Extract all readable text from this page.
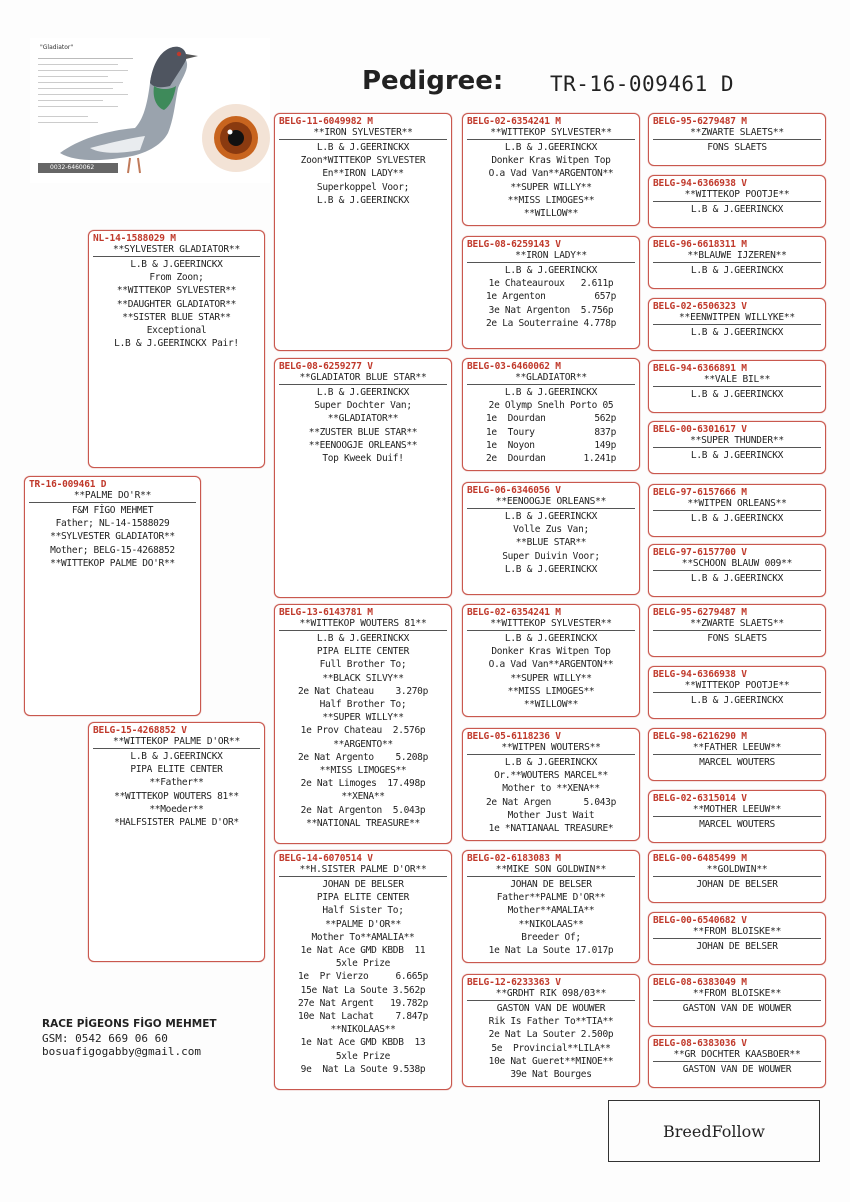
"Gladiator"
0032-6460062
Pedigree: TR-16-009461 D
TR-16-009461 D
**PALME DO'R**
F&M FİGO MEHMET
Father; NL-14-1588029
**SYLVESTER GLADIATOR**
Mother; BELG-15-4268852
**WITTEKOP PALME DO'R**
NL-14-1588029 M
**SYLVESTER GLADIATOR**
L.B & J.GEERINCKX
From Zoon;
**WITTEKOP SYLVESTER**
**DAUGHTER GLADIATOR**
**SISTER BLUE STAR**
Exceptional
L.B & J.GEERINCKX Pair!
BELG-15-4268852 V
**WITTEKOP PALME D'OR**
L.B & J.GEERINCKX
PIPA ELITE CENTER
**Father**
**WITTEKOP WOUTERS 81**
**Moeder**
*HALFSISTER PALME D'OR*
BELG-11-6049982 M
**IRON SYLVESTER**
L.B & J.GEERINCKX
Zoon*WITTEKOP SYLVESTER
En**IRON LADY**
Superkoppel Voor;
L.B & J.GEERINCKX
BELG-08-6259277 V
**GLADIATOR BLUE STAR**
L.B & J.GEERINCKX
Super Dochter Van;
**GLADIATOR**
**ZUSTER BLUE STAR**
**EENOOGJE ORLEANS**
Top Kweek Duif!
BELG-13-6143781 M
**WITTEKOP WOUTERS 81**
L.B & J.GEERINCKX
PIPA ELITE CENTER
Full Brother To;
**BLACK SILVY**
2e Nat Chateau    3.270p
Half Brother To;
**SUPER WILLY**
1e Prov Chateau  2.576p
**ARGENTO**
2e Nat Argento    5.208p
**MISS LIMOGES**
2e Nat Limoges  17.498p
**XENA**
2e Nat Argenton  5.043p
**NATIONAL TREASURE**
BELG-14-6070514 V
**H.SISTER PALME D'OR**
JOHAN DE BELSER
PIPA ELITE CENTER
Half Sister To;
**PALME D'OR**
Mother To**AMALIA**
1e Nat Ace GMD KBDB  11
5xle Prize
1e  Pr Vierzo     6.665p
15e Nat La Soute 3.562p
27e Nat Argent   19.782p
10e Nat Lachat    7.847p
**NIKOLAAS**
1e Nat Ace GMD KBDB  13
5xle Prize
9e  Nat La Soute 9.538p
BELG-02-6354241 M
**WITTEKOP SYLVESTER**
L.B & J.GEERINCKX
Donker Kras Witpen Top
O.a Vad Van**ARGENTON**
**SUPER WILLY**
**MISS LIMOGES**
**WILLOW**
BELG-08-6259143 V
**IRON LADY**
L.B & J.GEERINCKX
1e Chateauroux   2.611p
1e Argenton         657p
3e Nat Argenton  5.756p
2e La Souterraine 4.778p
BELG-03-6460062 M
**GLADIATOR**
L.B & J.GEERINCKX
2e Olymp Snelh Porto 05
1e  Dourdan         562p
1e  Toury           837p
1e  Noyon           149p
2e  Dourdan       1.241p
BELG-06-6346056 V
**EENOOGJE ORLEANS**
L.B & J.GEERINCKX
Volle Zus Van;
**BLUE STAR**
Super Duivin Voor;
L.B & J.GEERINCKX
BELG-02-6354241 M
**WITTEKOP SYLVESTER**
L.B & J.GEERINCKX
Donker Kras Witpen Top
O.a Vad Van**ARGENTON**
**SUPER WILLY**
**MISS LIMOGES**
**WILLOW**
BELG-05-6118236 V
**WITPEN WOUTERS**
L.B & J.GEERINCKX
Or.**WOUTERS MARCEL**
Mother to **XENA**
2e Nat Argen      5.043p
Mother Just Wait
1e *NATIANAAL TREASURE*
BELG-02-6183083 M
**MIKE SON GOLDWIN**
JOHAN DE BELSER
Father**PALME D'OR**
Mother**AMALIA**
**NIKOLAAS**
Breeder Of;
1e Nat La Soute 17.017p
BELG-12-6233363 V
**GRDHT RIK 098/03**
GASTON VAN DE WOUWER
Rik Is Father To**TIA**
2e Nat La Souter 2.500p
5e  Provincial**LILA**
10e Nat Gueret**MINOE**
39e Nat Bourges
BELG-95-6279487 M
**ZWARTE SLAETS**
FONS SLAETS
BELG-94-6366938 V
**WITTEKOP POOTJE**
L.B & J.GEERINCKX
BELG-96-6618311 M
**BLAUWE IJZEREN**
L.B & J.GEERINCKX
BELG-02-6506323 V
**EENWITPEN WILLYKE**
L.B & J.GEERINCKX
BELG-94-6366891 M
**VALE BIL**
L.B & J.GEERINCKX
BELG-00-6301617 V
**SUPER THUNDER**
L.B & J.GEERINCKX
BELG-97-6157666 M
**WITPEN ORLEANS**
L.B & J.GEERINCKX
BELG-97-6157700 V
**SCHOON BLAUW 009**
L.B & J.GEERINCKX
BELG-95-6279487 M
**ZWARTE SLAETS**
FONS SLAETS
BELG-94-6366938 V
**WITTEKOP POOTJE**
L.B & J.GEERINCKX
BELG-98-6216290 M
**FATHER LEEUW**
MARCEL WOUTERS
BELG-02-6315014 V
**MOTHER LEEUW**
MARCEL WOUTERS
BELG-00-6485499 M
**GOLDWIN**
JOHAN DE BELSER
BELG-00-6540682 V
**FROM BLOISKE**
JOHAN DE BELSER
BELG-08-6383049 M
**FROM BLOISKE**
GASTON VAN DE WOUWER
BELG-08-6383036 V
**GR DOCHTER KAASBOER**
GASTON VAN DE WOUWER
RACE PİGEONS FİGO MEHMET
GSM: 0542 669 06 60
bosuafigogabby@gmail.com
BreedFollow
